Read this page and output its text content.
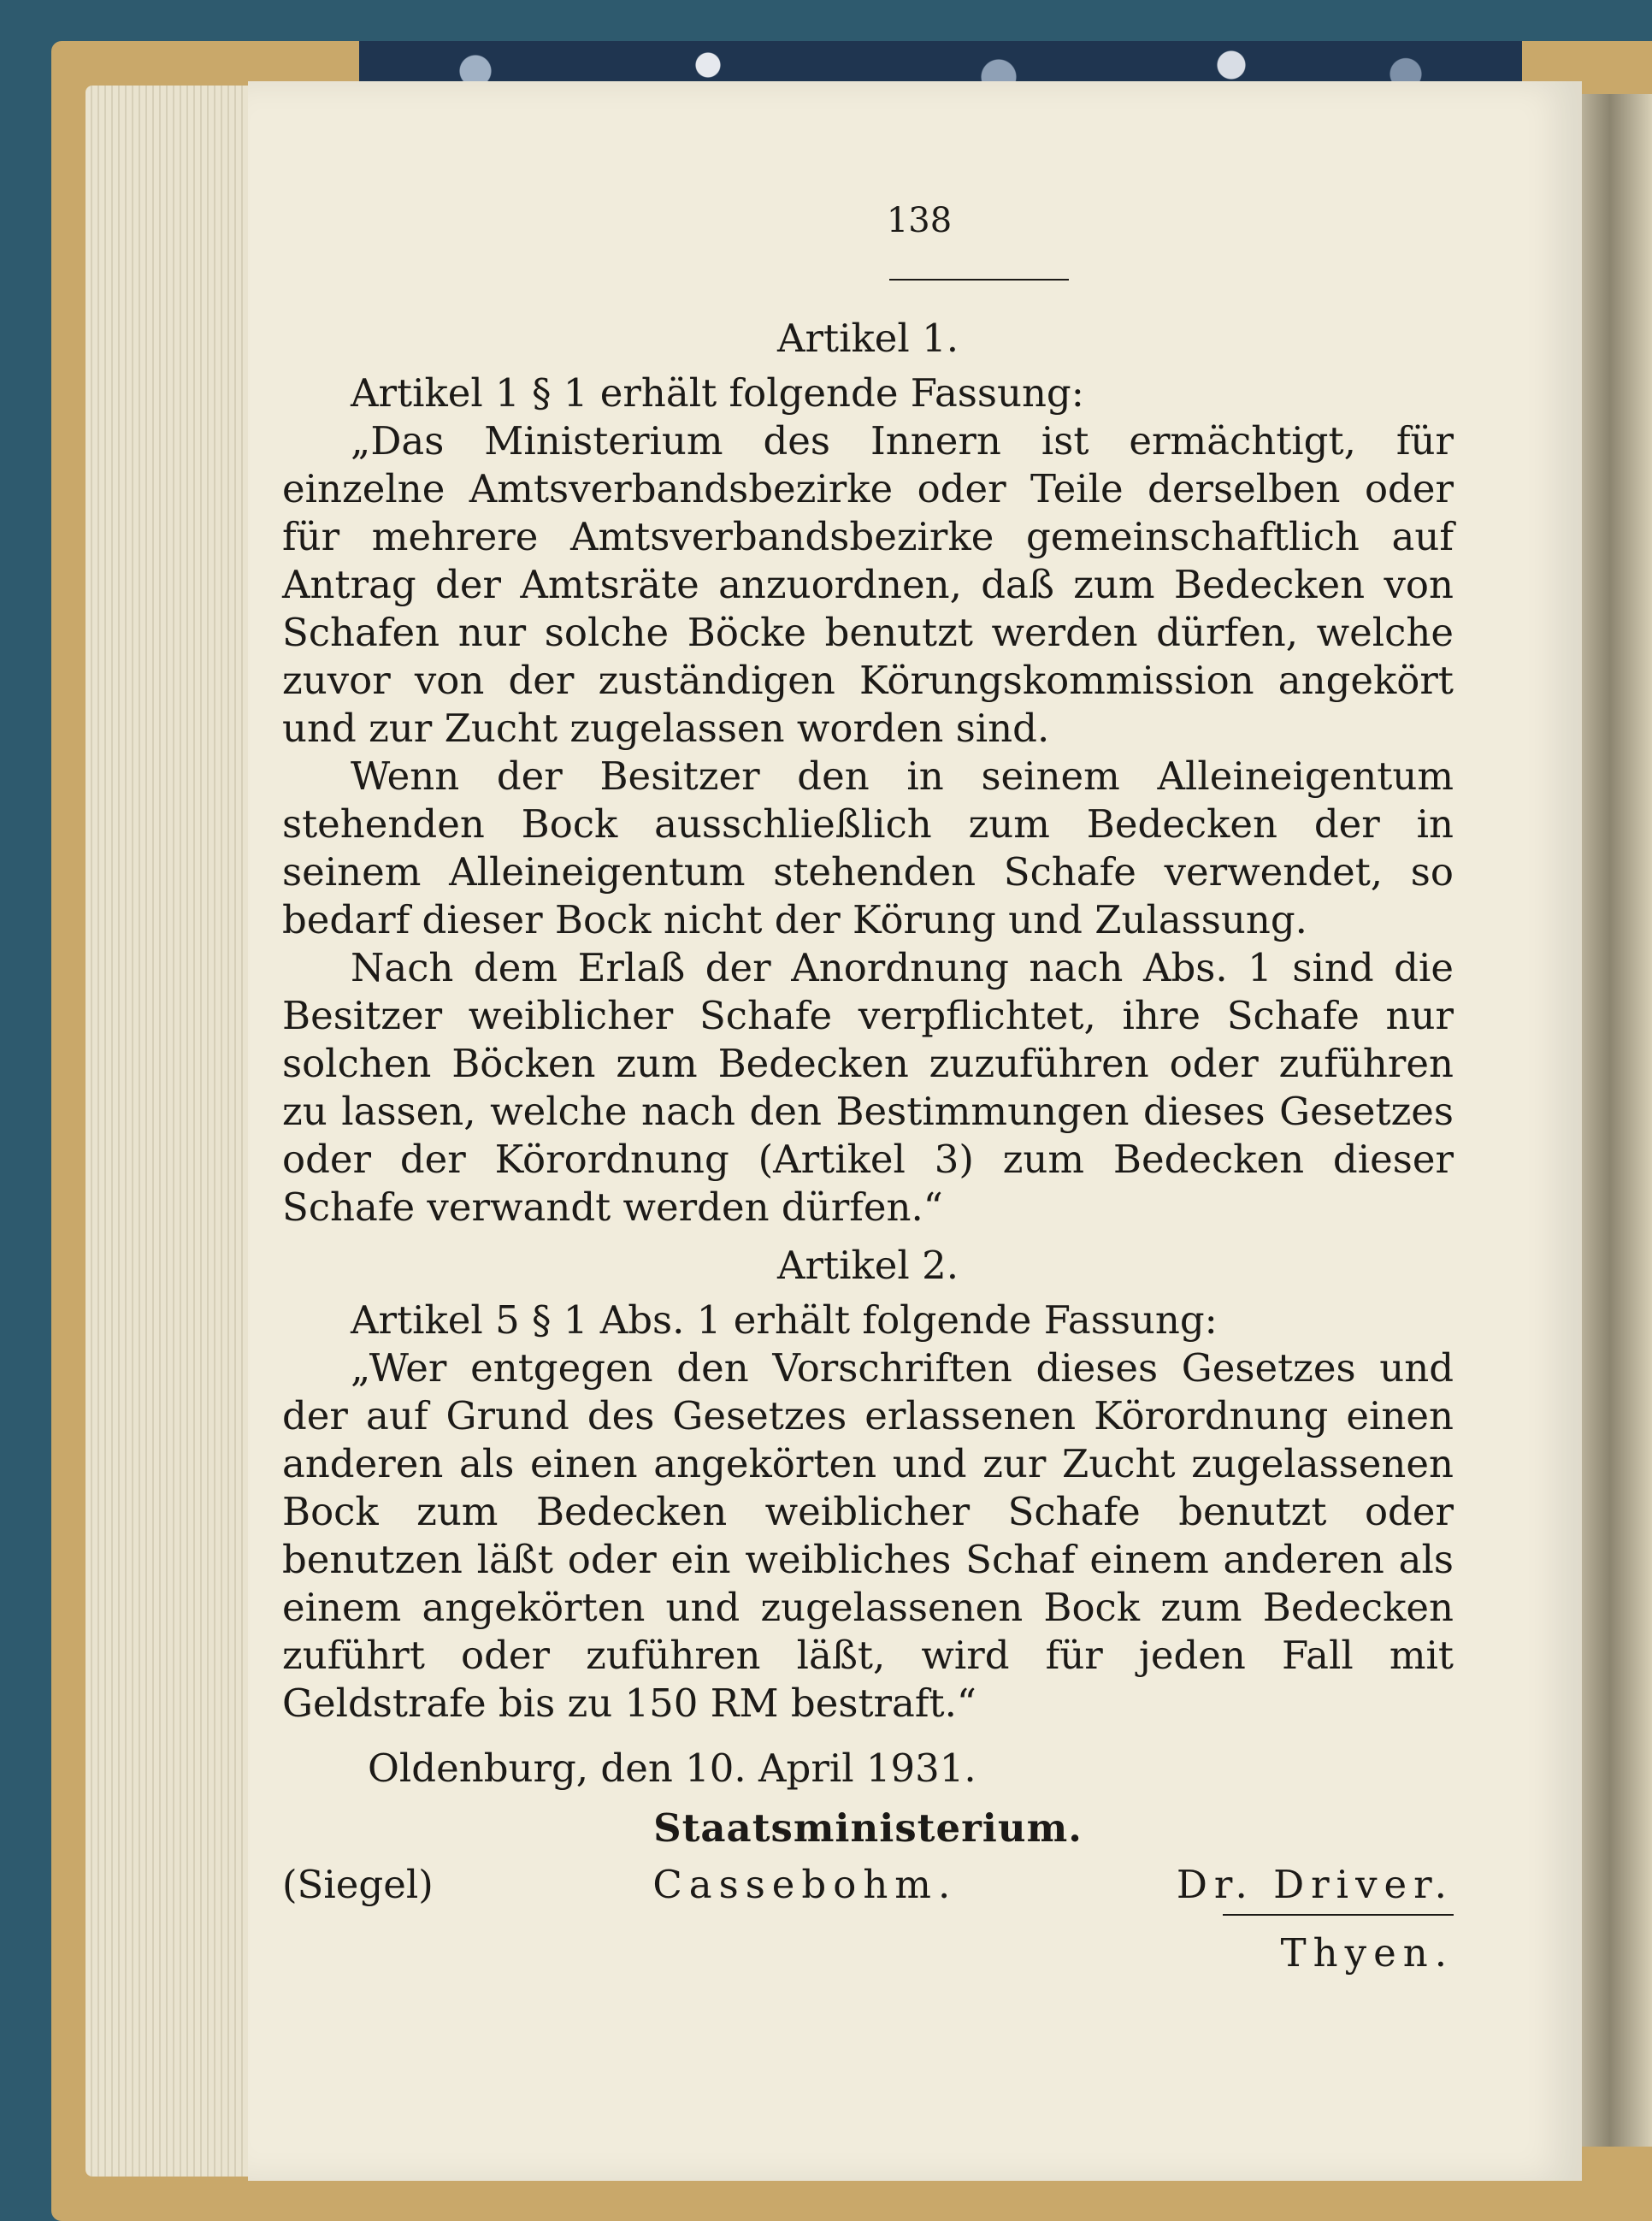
138

Artikel 1.

Artikel 1 § 1 erhält folgende Fassung:

„Das Ministerium des Innern ist ermächtigt, für einzelne Amtsverbandsbezirke oder Teile derselben oder für mehrere Amtsverbandsbezirke gemeinschaftlich auf Antrag der Amtsräte anzuordnen, daß zum Bedecken von Schafen nur solche Böcke benutzt werden dürfen, welche zuvor von der zuständigen Körungskommission angekört und zur Zucht zugelassen worden sind.

Wenn der Besitzer den in seinem Alleineigentum stehenden Bock ausschließlich zum Bedecken der in seinem Alleineigentum stehenden Schafe verwendet, so bedarf dieser Bock nicht der Körung und Zulassung.

Nach dem Erlaß der Anordnung nach Abs. 1 sind die Besitzer weiblicher Schafe verpflichtet, ihre Schafe nur solchen Böcken zum Bedecken zuzuführen oder zuführen zu lassen, welche nach den Bestimmungen dieses Gesetzes oder der Körordnung (Artikel 3) zum Bedecken dieser Schafe verwandt werden dürfen.“

Artikel 2.

Artikel 5 § 1 Abs. 1 erhält folgende Fassung:

„Wer entgegen den Vorschriften dieses Gesetzes und der auf Grund des Gesetzes erlassenen Körordnung einen anderen als einen angekörten und zur Zucht zugelassenen Bock zum Bedecken weiblicher Schafe benutzt oder benutzen läßt oder ein weibliches Schaf einem anderen als einem angekörten und zugelassenen Bock zum Bedecken zuführt oder zuführen läßt, wird für jeden Fall mit Geldstrafe bis zu 150 RM bestraft.“

Oldenburg, den 10. April 1931.

Staatsministerium.

(Siegel)	Cassebohm.	Dr. Driver.

Thyen.
